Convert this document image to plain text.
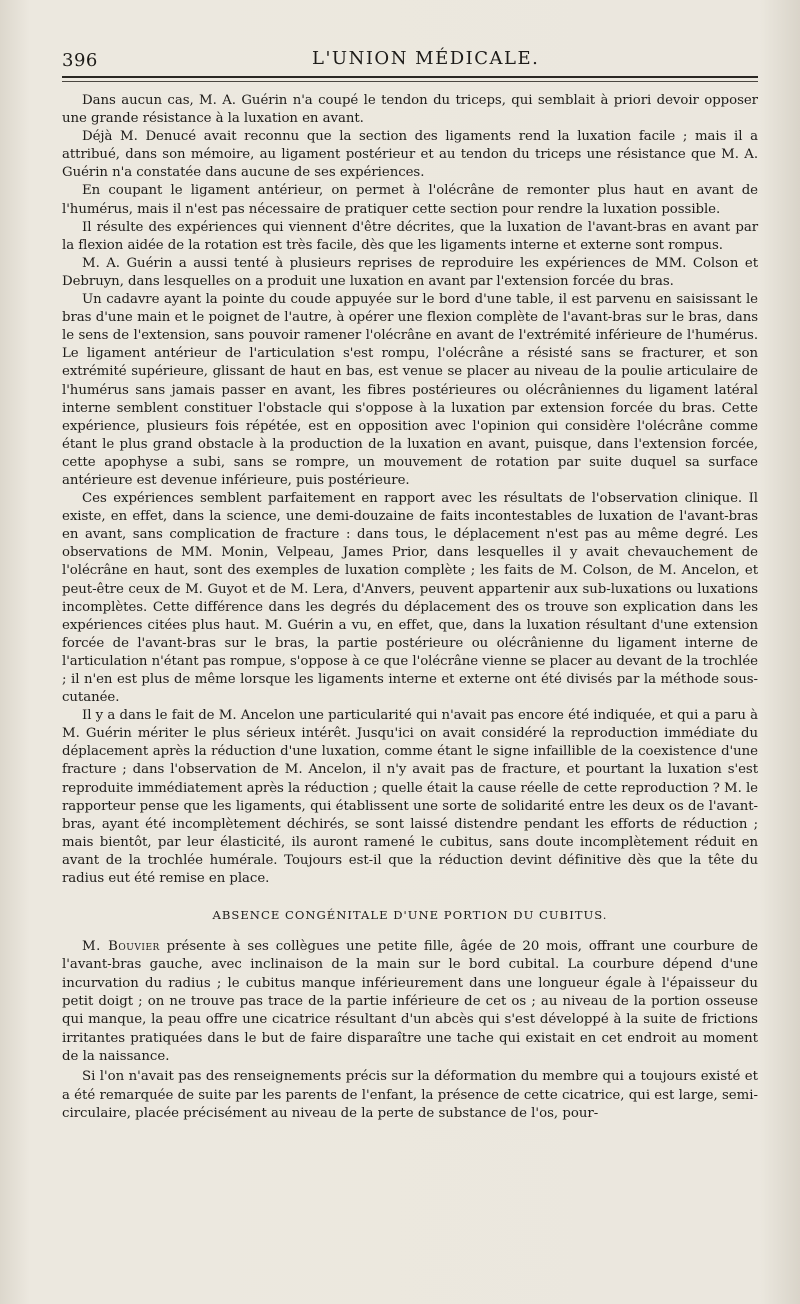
396	L'UNION MÉDICALE.

Dans aucun cas, M. A. Guérin n'a coupé le tendon du triceps, qui semblait à priori devoir opposer une grande résistance à la luxation en avant.

Déjà M. Denucé avait reconnu que la section des ligaments rend la luxation facile ; mais il a attribué, dans son mémoire, au ligament postérieur et au tendon du triceps une résistance que M. A. Guérin n'a constatée dans aucune de ses expériences.

En coupant le ligament antérieur, on permet à l'olécrâne de remonter plus haut en avant de l'humérus, mais il n'est pas nécessaire de pratiquer cette section pour rendre la luxation possible.

Il résulte des expériences qui viennent d'être décrites, que la luxation de l'avant-bras en avant par la flexion aidée de la rotation est très facile, dès que les ligaments interne et externe sont rompus.

M. A. Guérin a aussi tenté à plusieurs reprises de reproduire les expériences de MM. Colson et Debruyn, dans lesquelles on a produit une luxation en avant par l'extension forcée du bras.

Un cadavre ayant la pointe du coude appuyée sur le bord d'une table, il est parvenu en saisissant le bras d'une main et le poignet de l'autre, à opérer une flexion complète de l'avant-bras sur le bras, dans le sens de l'extension, sans pouvoir ramener l'olécrâne en avant de l'extrémité inférieure de l'humérus. Le ligament antérieur de l'articulation s'est rompu, l'olécrâne a résisté sans se fracturer, et son extrémité supérieure, glissant de haut en bas, est venue se placer au niveau de la poulie articulaire de l'humérus sans jamais passer en avant, les fibres postérieures ou olécrâniennes du ligament latéral interne semblent constituer l'obstacle qui s'oppose à la luxation par extension forcée du bras. Cette expérience, plusieurs fois répétée, est en opposition avec l'opinion qui considère l'olécrâne comme étant le plus grand obstacle à la production de la luxation en avant, puisque, dans l'extension forcée, cette apophyse a subi, sans se rompre, un mouvement de rotation par suite duquel sa surface antérieure est devenue inférieure, puis postérieure.

Ces expériences semblent parfaitement en rapport avec les résultats de l'observation clinique. Il existe, en effet, dans la science, une demi-douzaine de faits incontestables de luxation de l'avant-bras en avant, sans complication de fracture : dans tous, le déplacement n'est pas au même degré. Les observations de MM. Monin, Velpeau, James Prior, dans lesquelles il y avait chevauchement de l'olécrâne en haut, sont des exemples de luxation complète ; les faits de M. Colson, de M. Ancelon, et peut-être ceux de M. Guyot et de M. Lera, d'Anvers, peuvent appartenir aux sub-luxations ou luxations incomplètes. Cette différence dans les degrés du déplacement des os trouve son explication dans les expériences citées plus haut. M. Guérin a vu, en effet, que, dans la luxation résultant d'une extension forcée de l'avant-bras sur le bras, la partie postérieure ou olécrânienne du ligament interne de l'articulation n'étant pas rompue, s'oppose à ce que l'olécrâne vienne se placer au devant de la trochlée ; il n'en est plus de même lorsque les ligaments interne et externe ont été divisés par la méthode sous-cutanée.

Il y a dans le fait de M. Ancelon une particularité qui n'avait pas encore été indiquée, et qui a paru à M. Guérin mériter le plus sérieux intérêt. Jusqu'ici on avait considéré la reproduction immédiate du déplacement après la réduction d'une luxation, comme étant le signe infaillible de la coexistence d'une fracture ; dans l'observation de M. Ancelon, il n'y avait pas de fracture, et pourtant la luxation s'est reproduite immédiatement après la réduction ; quelle était la cause réelle de cette reproduction ? M. le rapporteur pense que les ligaments, qui établissent une sorte de solidarité entre les deux os de l'avant-bras, ayant été incomplètement déchirés, se sont laissé distendre pendant les efforts de réduction ; mais bientôt, par leur élasticité, ils auront ramené le cubitus, sans doute incomplètement réduit en avant de la trochlée humérale. Toujours est-il que la réduction devint définitive dès que la tête du radius eut été remise en place.

ABSENCE CONGÉNITALE D'UNE PORTION DU CUBITUS.

M. Bouvier présente à ses collègues une petite fille, âgée de 20 mois, offrant une courbure de l'avant-bras gauche, avec inclinaison de la main sur le bord cubital. La courbure dépend d'une incurvation du radius ; le cubitus manque inférieurement dans une longueur égale à l'épaisseur du petit doigt ; on ne trouve pas trace de la partie inférieure de cet os ; au niveau de la portion osseuse qui manque, la peau offre une cicatrice résultant d'un abcès qui s'est développé à la suite de frictions irritantes pratiquées dans le but de faire disparaître une tache qui existait en cet endroit au moment de la naissance.

Si l'on n'avait pas des renseignements précis sur la déformation du membre qui a toujours existé et a été remarquée de suite par les parents de l'enfant, la présence de cette cicatrice, qui est large, semi-circulaire, placée précisément au niveau de la perte de substance de l'os, pour-
